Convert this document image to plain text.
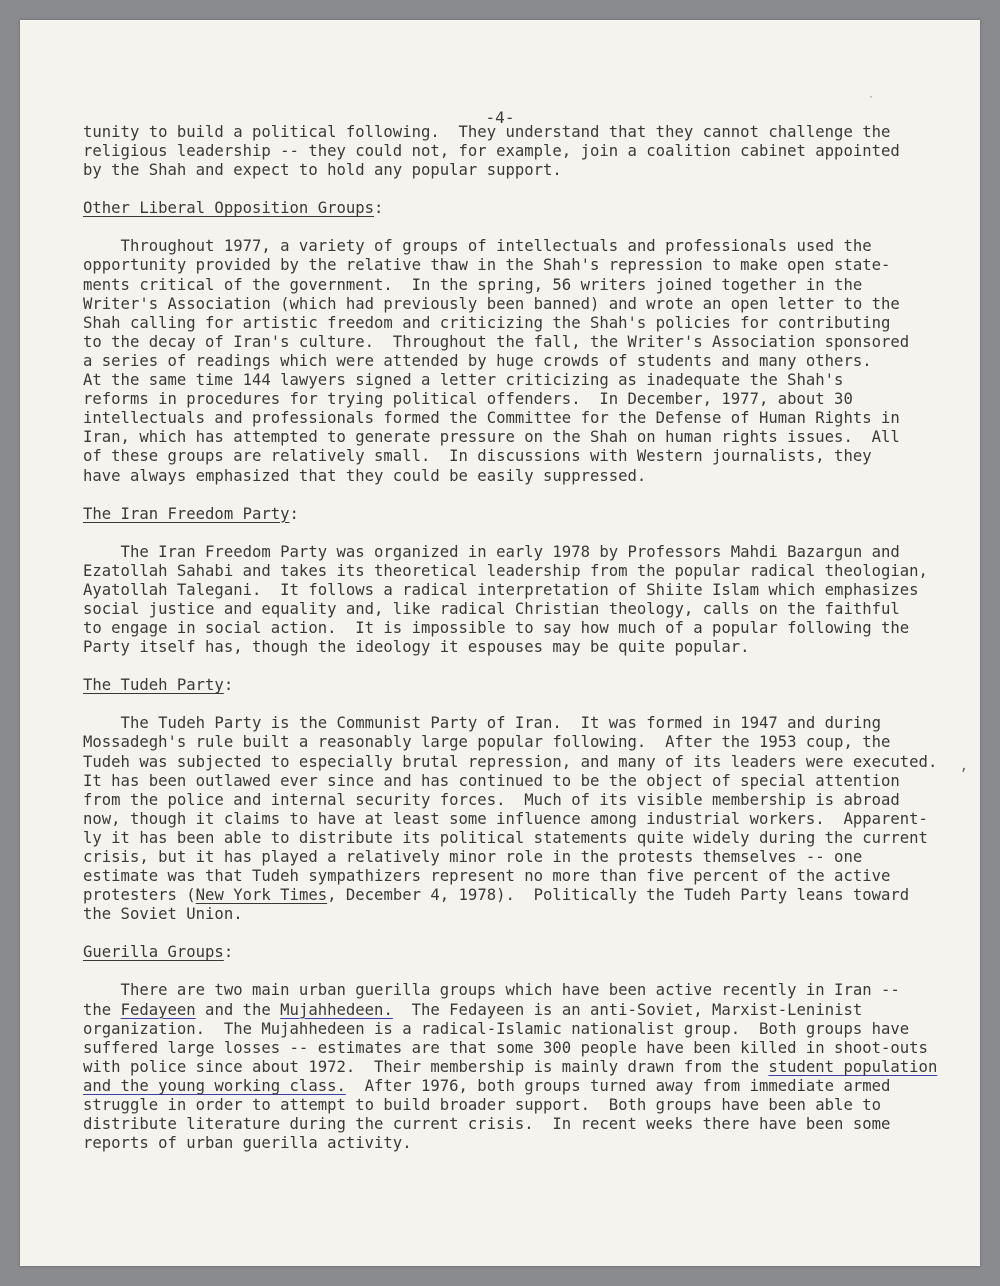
-4-

tunity to build a political following.  They understand that they cannot challenge the

religious leadership -- they could not, for example, join a coalition cabinet appointed

by the Shah and expect to hold any popular support.

Other Liberal Opposition Groups:

Throughout 1977, a variety of groups of intellectuals and professionals used the

opportunity provided by the relative thaw in the Shah's repression to make open state-

ments critical of the government.  In the spring, 56 writers joined together in the

Writer's Association (which had previously been banned) and wrote an open letter to the

Shah calling for artistic freedom and criticizing the Shah's policies for contributing

to the decay of Iran's culture.  Throughout the fall, the Writer's Association sponsored

a series of readings which were attended by huge crowds of students and many others.

At the same time 144 lawyers signed a letter criticizing as inadequate the Shah's

reforms in procedures for trying political offenders.  In December, 1977, about 30

intellectuals and professionals formed the Committee for the Defense of Human Rights in

Iran, which has attempted to generate pressure on the Shah on human rights issues.  All

of these groups are relatively small.  In discussions with Western journalists, they

have always emphasized that they could be easily suppressed.

The Iran Freedom Party:

The Iran Freedom Party was organized in early 1978 by Professors Mahdi Bazargun and

Ezatollah Sahabi and takes its theoretical leadership from the popular radical theologian,

Ayatollah Talegani.  It follows a radical interpretation of Shiite Islam which emphasizes

social justice and equality and, like radical Christian theology, calls on the faithful

to engage in social action.  It is impossible to say how much of a popular following the

Party itself has, though the ideology it espouses may be quite popular.

The Tudeh Party:

The Tudeh Party is the Communist Party of Iran.  It was formed in 1947 and during

Mossadegh's rule built a reasonably large popular following.  After the 1953 coup, the

Tudeh was subjected to especially brutal repression, and many of its leaders were executed.

It has been outlawed ever since and has continued to be the object of special attention

from the police and internal security forces.  Much of its visible membership is abroad

now, though it claims to have at least some influence among industrial workers.  Apparent-

ly it has been able to distribute its political statements quite widely during the current

crisis, but it has played a relatively minor role in the protests themselves -- one

estimate was that Tudeh sympathizers represent no more than five percent of the active

protesters (New York Times, December 4, 1978).  Politically the Tudeh Party leans toward

the Soviet Union.

Guerilla Groups:

There are two main urban guerilla groups which have been active recently in Iran --

the Fedayeen and the Mujahhedeen.  The Fedayeen is an anti-Soviet, Marxist-Leninist

organization.  The Mujahhedeen is a radical-Islamic nationalist group.  Both groups have

suffered large losses -- estimates are that some 300 people have been killed in shoot-outs

with police since about 1972.  Their membership is mainly drawn from the student population

and the young working class.  After 1976, both groups turned away from immediate armed

struggle in order to attempt to build broader support.  Both groups have been able to

distribute literature during the current crisis.  In recent weeks there have been some

reports of urban guerilla activity.

,
·
